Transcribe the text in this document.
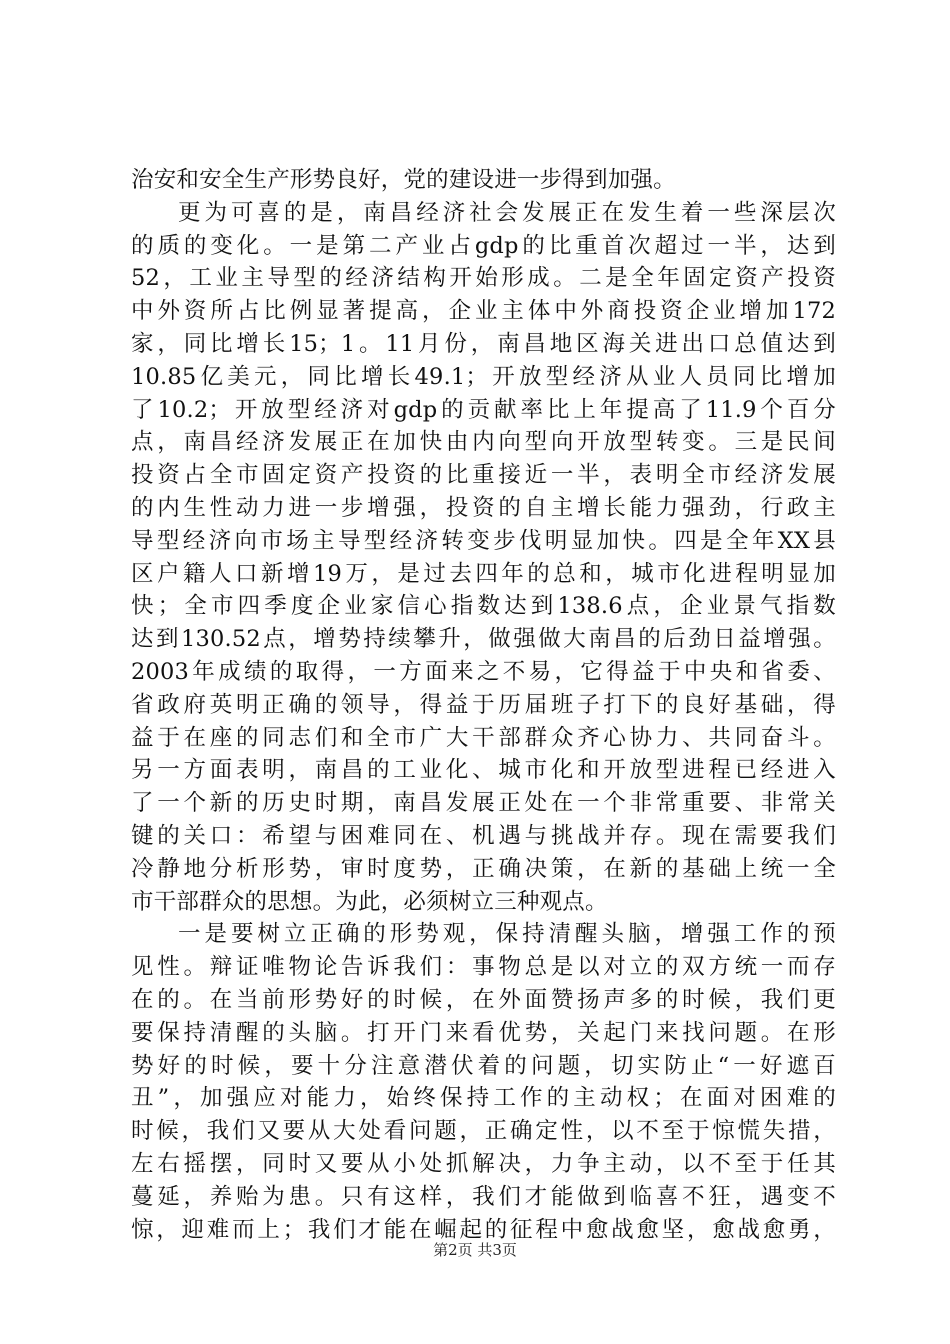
治安和安全生产形势良好，党的建设进一步得到加强。
更为可喜的是，南昌经济社会发展正在发生着一些深层次
的质的变化。一是第二产业占gdp的比重首次超过一半，达到
52，工业主导型的经济结构开始形成。二是全年固定资产投资
中外资所占比例显著提高，企业主体中外商投资企业增加172
家，同比增长15；1。11月份，南昌地区海关进出口总值达到
10.85亿美元，同比增长49.1；开放型经济从业人员同比增加
了10.2；开放型经济对gdp的贡献率比上年提高了11.9个百分
点，南昌经济发展正在加快由内向型向开放型转变。三是民间
投资占全市固定资产投资的比重接近一半，表明全市经济发展
的内生性动力进一步增强，投资的自主增长能力强劲，行政主
导型经济向市场主导型经济转变步伐明显加快。四是全年XX县
区户籍人口新增19万，是过去四年的总和，城市化进程明显加
快；全市四季度企业家信心指数达到138.6点，企业景气指数
达到130.52点，增势持续攀升，做强做大南昌的后劲日益增强。
2003年成绩的取得，一方面来之不易，它得益于中央和省委、
省政府英明正确的领导，得益于历届班子打下的良好基础，得
益于在座的同志们和全市广大干部群众齐心协力、共同奋斗。
另一方面表明，南昌的工业化、城市化和开放型进程已经进入
了一个新的历史时期，南昌发展正处在一个非常重要、非常关
键的关口：希望与困难同在、机遇与挑战并存。现在需要我们
冷静地分析形势，审时度势，正确决策，在新的基础上统一全
市干部群众的思想。为此，必须树立三种观点。
一是要树立正确的形势观，保持清醒头脑，增强工作的预
见性。辩证唯物论告诉我们：事物总是以对立的双方统一而存
在的。在当前形势好的时候，在外面赞扬声多的时候，我们更
要保持清醒的头脑。打开门来看优势，关起门来找问题。在形
势好的时候，要十分注意潜伏着的问题，切实防止“一好遮百
丑”，加强应对能力，始终保持工作的主动权；在面对困难的
时候，我们又要从大处看问题，正确定性，以不至于惊慌失措，
左右摇摆，同时又要从小处抓解决，力争主动，以不至于任其
蔓延，养贻为患。只有这样，我们才能做到临喜不狂，遇变不
惊，迎难而上；我们才能在崛起的征程中愈战愈坚，愈战愈勇，
第2页 共3页
